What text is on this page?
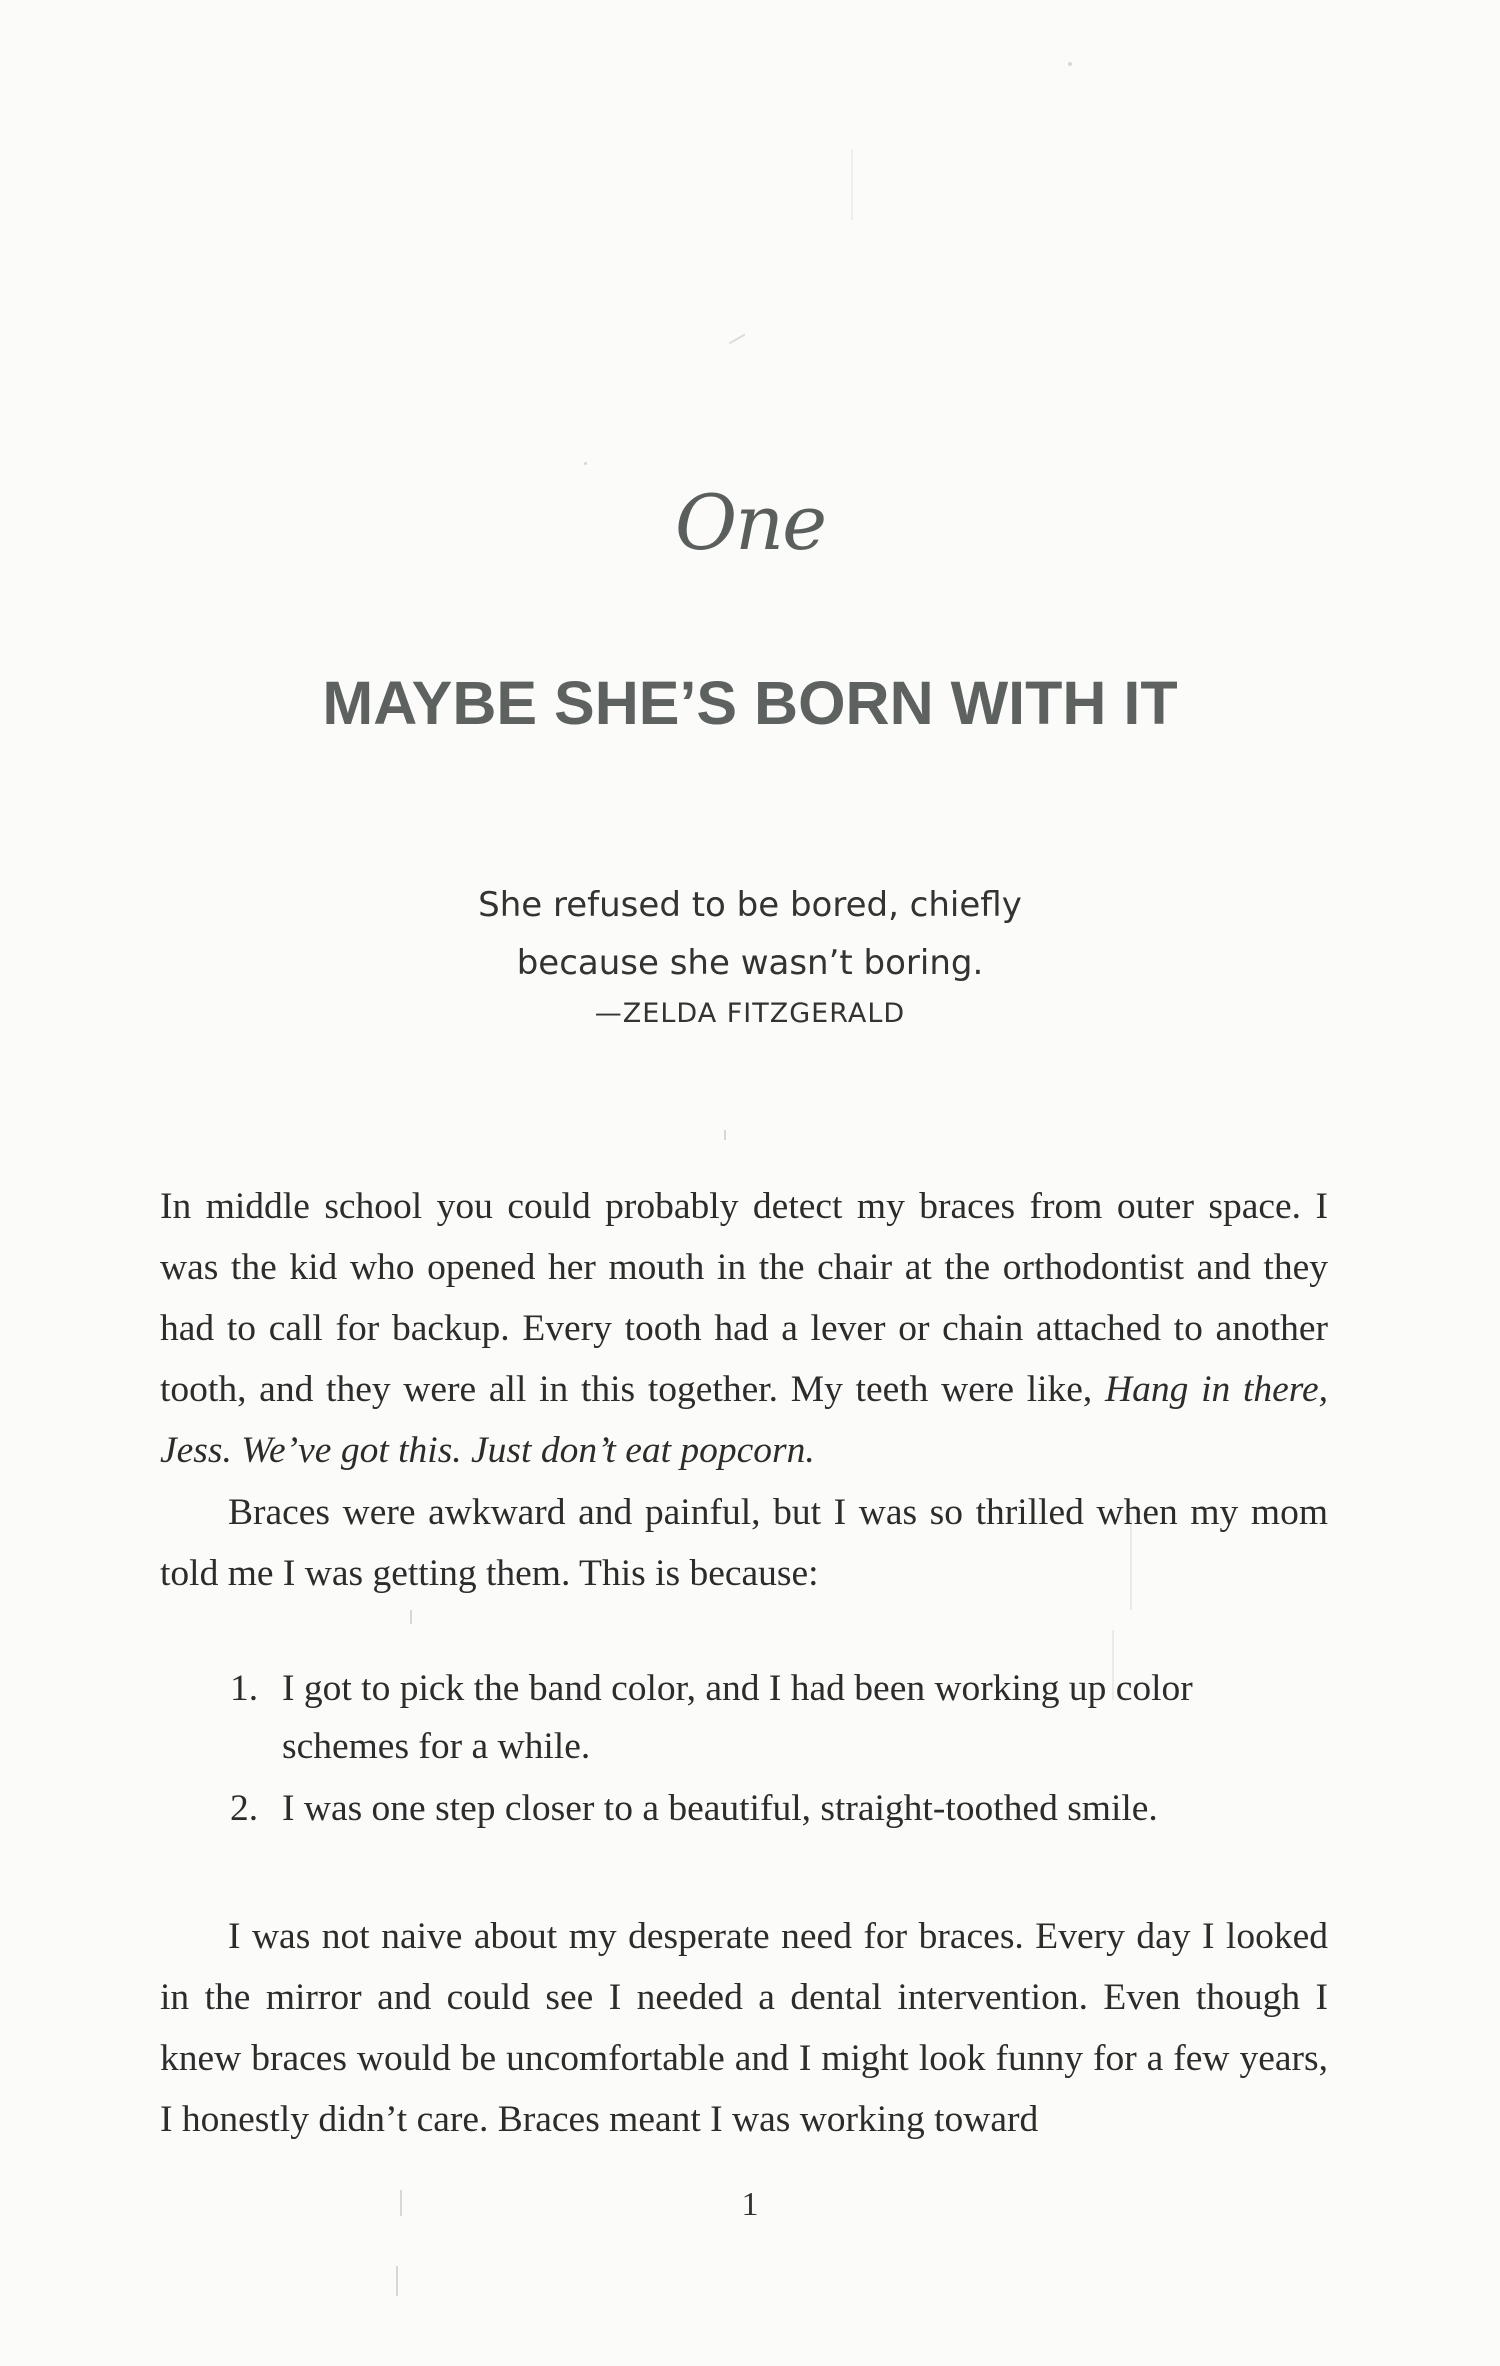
One
MAYBE SHE’S BORN WITH IT
She refused to be bored, chiefly
because she wasn’t boring.
—ZELDA FITZGERALD
In middle school you could probably detect my braces from outer space. I was the kid who opened her mouth in the chair at the orthodontist and they had to call for backup. Every tooth had a lever or chain attached to another tooth, and they were all in this together. My teeth were like, Hang in there, Jess. We’ve got this. Just don’t eat popcorn.
Braces were awkward and painful, but I was so thrilled when my mom told me I was getting them. This is because:
1. I got to pick the band color, and I had been working up color schemes for a while.
2. I was one step closer to a beautiful, straight-toothed smile.
I was not naive about my desperate need for braces. Every day I looked in the mirror and could see I needed a dental intervention. Even though I knew braces would be uncomfortable and I might look funny for a few years, I honestly didn’t care. Braces meant I was working toward
1
